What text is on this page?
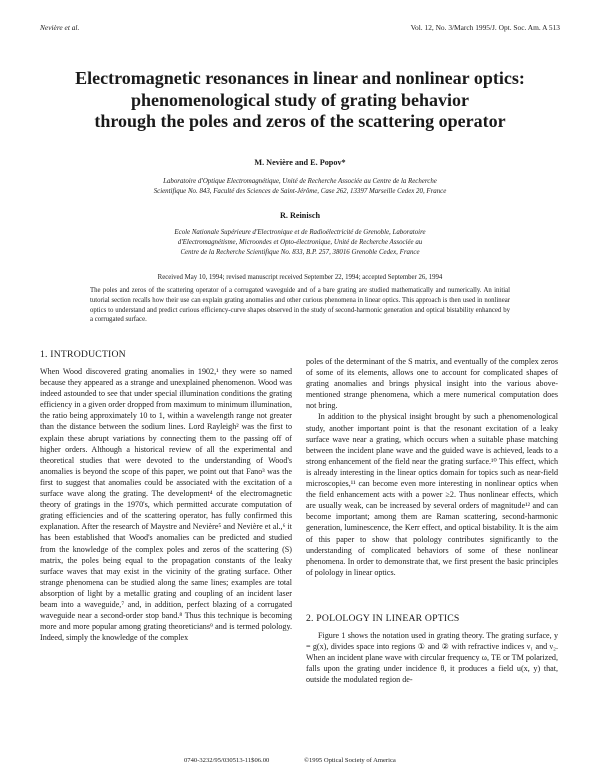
Nevière et al.	Vol. 12, No. 3/March 1995/J. Opt. Soc. Am. A 513
Electromagnetic resonances in linear and nonlinear optics:
phenomenological study of grating behavior
through the poles and zeros of the scattering operator
M. Nevière and E. Popov*
Laboratoire d'Optique Electromagnétique, Unité de Recherche Associée au Centre de la Recherche
Scientifique No. 843, Faculté des Sciences de Saint-Jérôme, Case 262, 13397 Marseille Cedex 20, France
R. Reinisch
Ecole Nationale Supérieure d'Electronique et de Radioélectricité de Grenoble, Laboratoire
d'Electromagnétisme, Microondes et Opto-électronique, Unité de Recherche Associée au
Centre de la Recherche Scientifique No. 833, B.P. 257, 38016 Grenoble Cedex, France
Received May 10, 1994; revised manuscript received September 22, 1994; accepted September 26, 1994
The poles and zeros of the scattering operator of a corrugated waveguide and of a bare grating are studied mathematically and numerically. An initial tutorial section recalls how their use can explain grating anomalies and other curious phenomena in linear optics. This approach is then used in nonlinear optics to understand and predict curious efficiency-curve shapes observed in the study of second-harmonic generation and optical bistability enhanced by a corrugated surface.
1. INTRODUCTION

When Wood discovered grating anomalies in 1902,¹ they were so named because they appeared as a strange and unexplained phenomenon. Wood was indeed astounded to see that under special illumination conditions the grating efficiency in a given order dropped from maximum to minimum illumination, the ratio being approximately 10 to 1, within a wavelength range not greater than the distance between the sodium lines. Lord Rayleigh² was the first to explain these abrupt variations by connecting them to the passing off of higher orders. Although a historical review of all the experimental and theoretical studies that were devoted to the understanding of Wood's anomalies is beyond the scope of this paper, we point out that Fano³ was the first to suggest that anomalies could be associated with the excitation of a surface wave along the grating. The development⁴ of the electromagnetic theory of gratings in the 1970's, which permitted accurate computation of grating efficiencies and of the scattering operator, has fully confirmed this explanation. After the research of Maystre and Nevière⁵ and Nevière et al.,⁶ it has been established that Wood's anomalies can be predicted and studied from the knowledge of the complex poles and zeros of the scattering (S) matrix, the poles being equal to the propagation constants of the leaky surface waves that may exist in the vicinity of the grating surface. Other strange phenomena can be studied along the same lines; examples are total absorption of light by a metallic grating and coupling of an incident laser beam into a waveguide,⁷ and, in addition, perfect blazing of a corrugated waveguide near a second-order stop band.⁸ Thus this technique is becoming more and more popular among grating theoreticians⁹ and is termed polology. Indeed, simply the knowledge of the complex

poles of the determinant of the S matrix, and eventually of the complex zeros of some of its elements, allows one to account for complicated shapes of grating anomalies and brings physical insight into the various above-mentioned strange phenomena, which a mere numerical computation does not bring.

In addition to the physical insight brought by such a phenomenological study, another important point is that the resonant excitation of a leaky surface wave near a grating, which occurs when a suitable phase matching between the incident plane wave and the guided wave is achieved, leads to a strong enhancement of the field near the grating surface.¹⁰ This effect, which is already interesting in the linear optics domain for topics such as near-field microscopies,¹¹ can become even more interesting in nonlinear optics when the field enhancement acts with a power ≥2. Thus nonlinear effects, which are usually weak, can be increased by several orders of magnitude¹² and can become important; among them are Raman scattering, second-harmonic generation, luminescence, the Kerr effect, and optical bistability. It is the aim of this paper to show that polology contributes significantly to the understanding of complicated behaviors of some of these nonlinear phenomena. In order to demonstrate that, we first present the basic principles of polology in linear optics.

2. POLOLOGY IN LINEAR OPTICS

Figure 1 shows the notation used in grating theory. The grating surface, y = g(x), divides space into regions ① and ② with refractive indices ν₁ and ν₂. When an incident plane wave with circular frequency ω, TE or TM polarized, falls upon the grating under incidence θ, it produces a field u(x, y) that, outside the modulated region de-

0740-3232/95/030513-11$06.00	©1995 Optical Society of America
